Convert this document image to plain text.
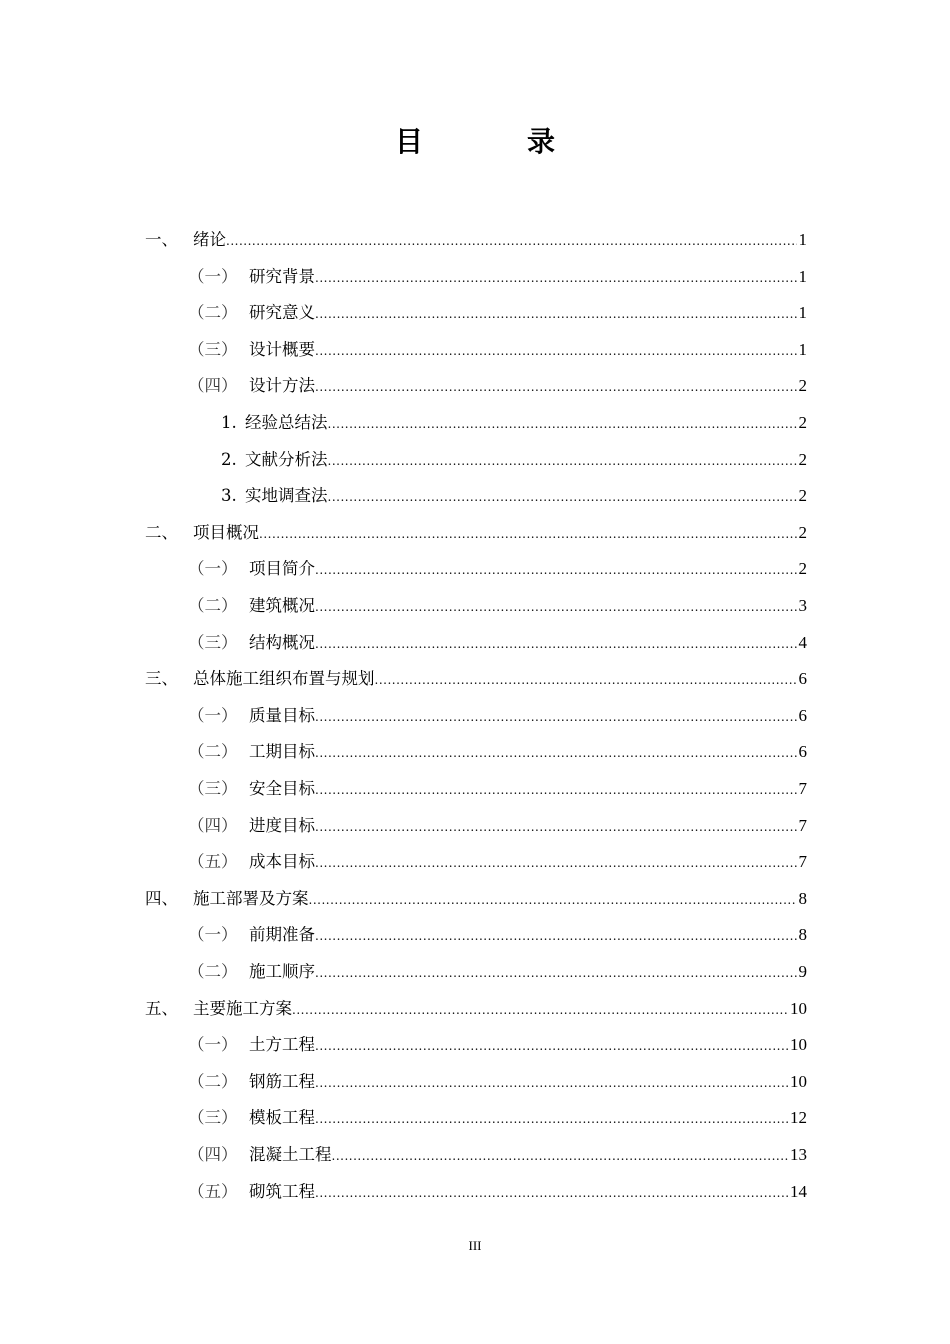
目　录
一、 绪论 .....	1
（一） 研究背景 .....	1
（二） 研究意义 .....	1
（三） 设计概要 .....	1
（四） 设计方法 .....	2
1. 经验总结法 .....	2
2. 文献分析法 .....	2
3. 实地调查法 .....	2
二、 项目概况 .....	2
（一） 项目简介 .....	2
（二） 建筑概况 .....	3
（三） 结构概况 .....	4
三、 总体施工组织布置与规划 .....	6
（一） 质量目标 .....	6
（二） 工期目标 .....	6
（三） 安全目标 .....	7
（四） 进度目标 .....	7
（五） 成本目标 .....	7
四、 施工部署及方案 .....	8
（一） 前期准备 .....	8
（二） 施工顺序 .....	9
五、 主要施工方案 .....	10
（一） 土方工程 .....	10
（二） 钢筋工程 .....	10
（三） 模板工程 .....	12
（四） 混凝土工程 .....	13
（五） 砌筑工程 .....	14
III
